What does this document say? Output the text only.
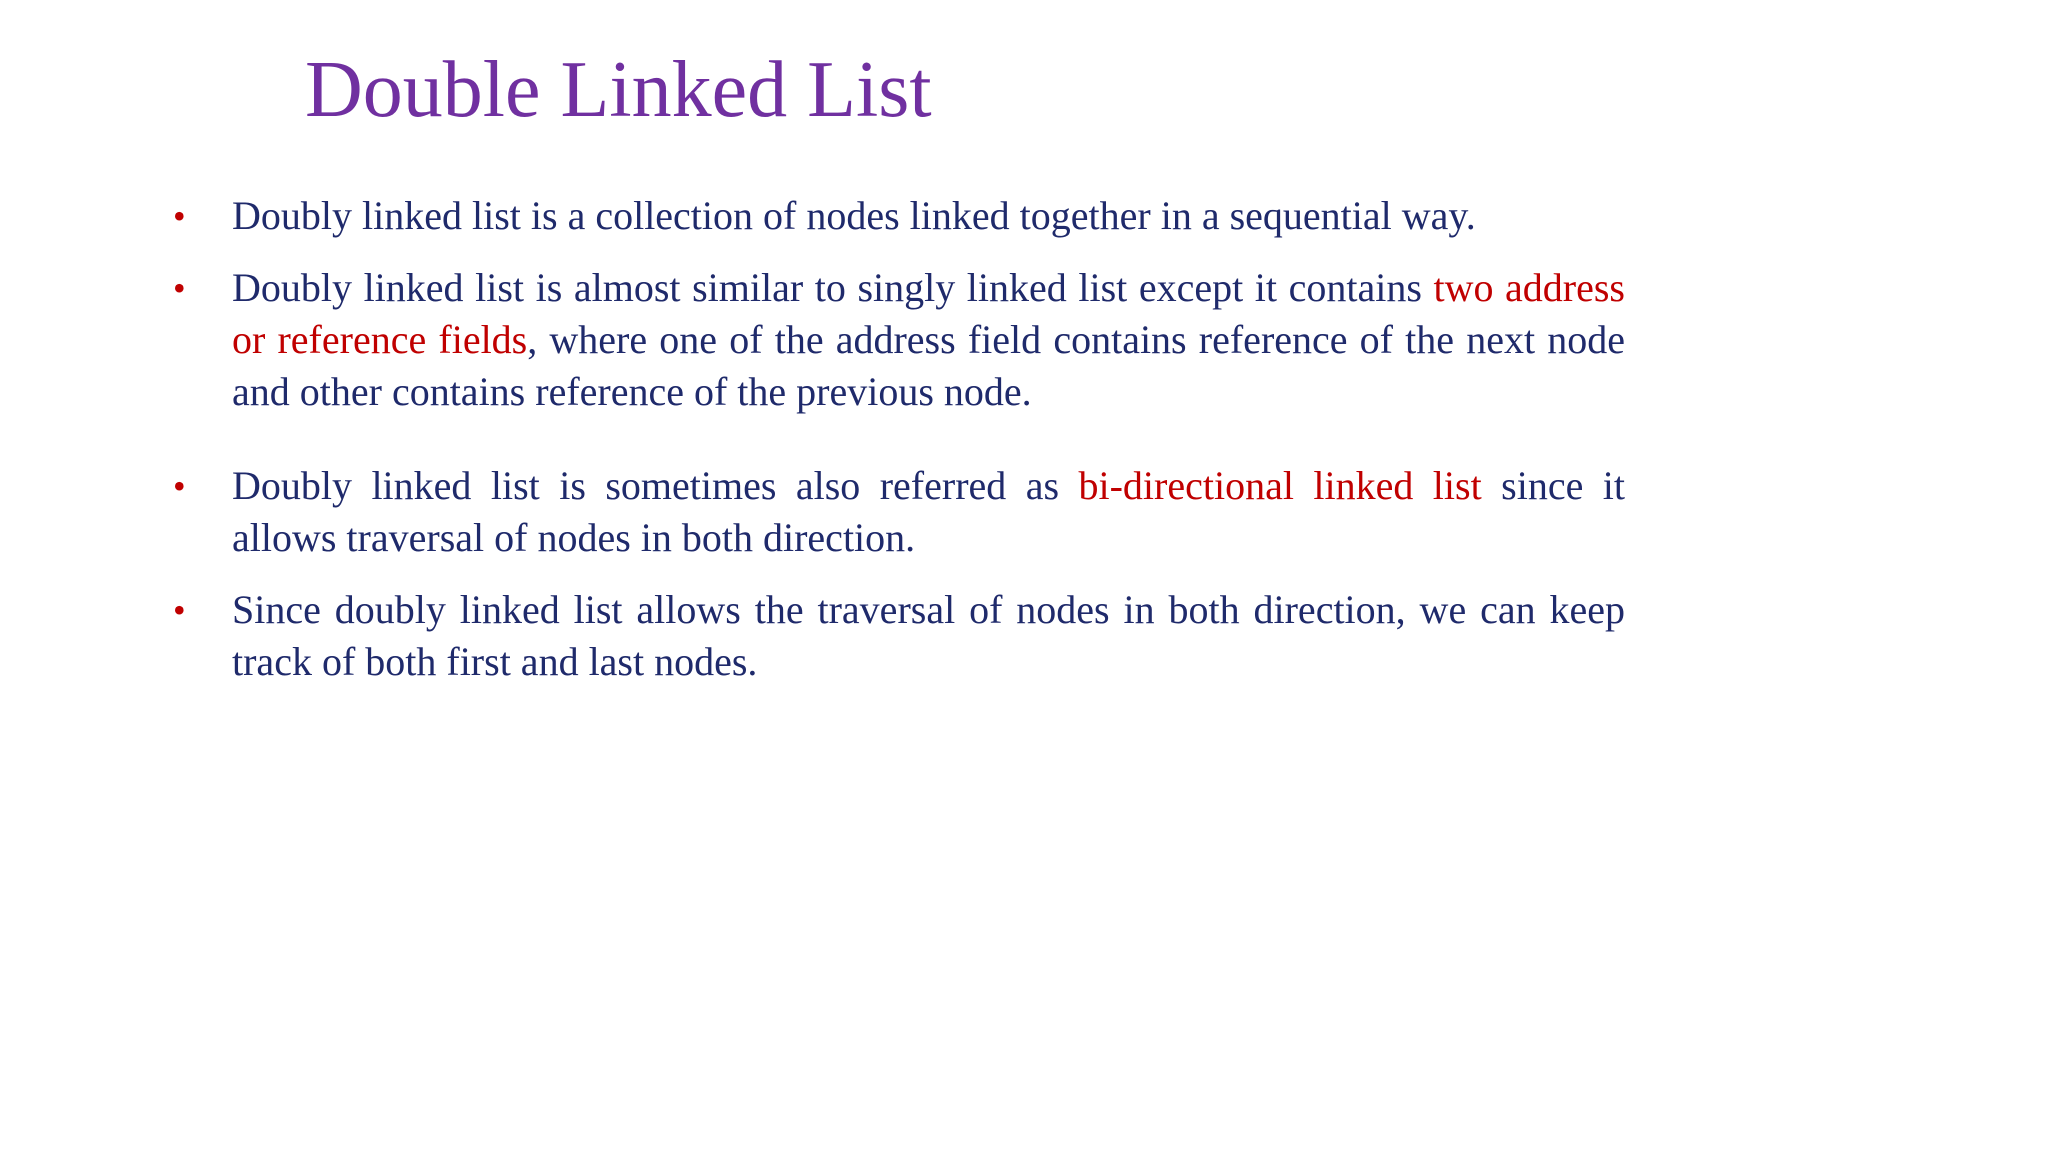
Double Linked List
• Doubly linked list is a collection of nodes linked together in a sequential way.

• Doubly linked list is almost similar to singly linked list except it contains two address or reference fields, where one of the address field contains reference of the next node and other contains reference of the previous node.

• Doubly linked list is sometimes also referred as bi-directional linked list since it allows traversal of nodes in both direction.

• Since doubly linked list allows the traversal of nodes in both direction, we can keep track of both first and last nodes.
